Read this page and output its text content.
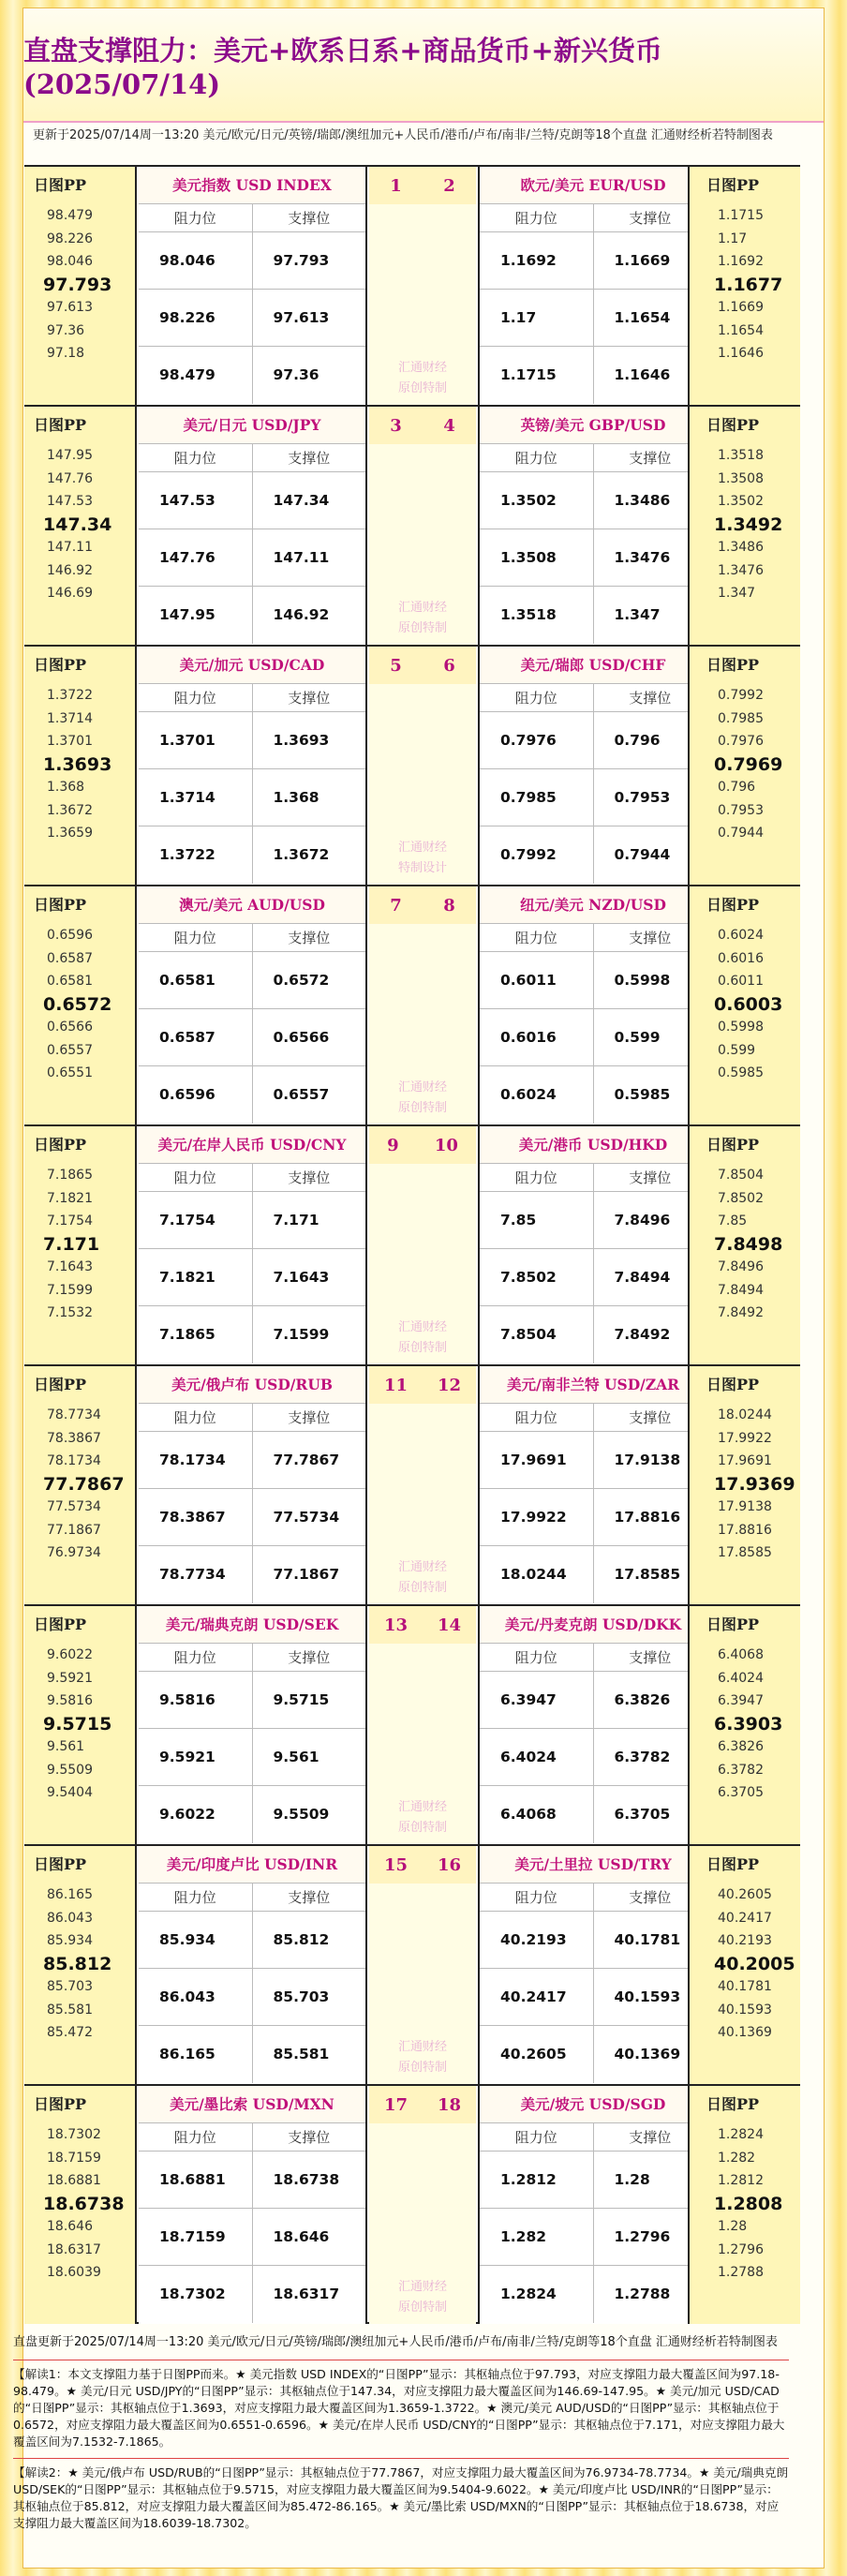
直盘支撑阻力：美元+欧系日系+商品货币+新兴货币(2025/07/14)
更新于2025/07/14周一13:20 美元/欧元/日元/英镑/瑞郎/澳纽加元+人民币/港币/卢布/南非/兰特/克朗等18个直盘 汇通财经析若特制图表
日图PP
98.479
98.226
98.046
97.793
97.613
97.36
97.18
美元指数 USD INDEX
阻力位	支撑位
98.046	97.793
98.226	97.613
98.479	97.36
1 2
汇通财经
原创特制
欧元/美元 EUR/USD
阻力位	支撑位
1.1692	1.1669
1.17	1.1654
1.1715	1.1646
日图PP
1.1715
1.17
1.1692
1.1677
1.1669
1.1654
1.1646
日图PP
147.95
147.76
147.53
147.34
147.11
146.92
146.69
美元/日元 USD/JPY
阻力位	支撑位
147.53	147.34
147.76	147.11
147.95	146.92
3 4
汇通财经
原创特制
英镑/美元 GBP/USD
阻力位	支撑位
1.3502	1.3486
1.3508	1.3476
1.3518	1.347
日图PP
1.3518
1.3508
1.3502
1.3492
1.3486
1.3476
1.347
日图PP
1.3722
1.3714
1.3701
1.3693
1.368
1.3672
1.3659
美元/加元 USD/CAD
阻力位	支撑位
1.3701	1.3693
1.3714	1.368
1.3722	1.3672
5 6
汇通财经
特制设计
美元/瑞郎 USD/CHF
阻力位	支撑位
0.7976	0.796
0.7985	0.7953
0.7992	0.7944
日图PP
0.7992
0.7985
0.7976
0.7969
0.796
0.7953
0.7944
日图PP
0.6596
0.6587
0.6581
0.6572
0.6566
0.6557
0.6551
澳元/美元 AUD/USD
阻力位	支撑位
0.6581	0.6572
0.6587	0.6566
0.6596	0.6557
7 8
汇通财经
原创特制
纽元/美元 NZD/USD
阻力位	支撑位
0.6011	0.5998
0.6016	0.599
0.6024	0.5985
日图PP
0.6024
0.6016
0.6011
0.6003
0.5998
0.599
0.5985
日图PP
7.1865
7.1821
7.1754
7.171
7.1643
7.1599
7.1532
美元/在岸人民币 USD/CNY
阻力位	支撑位
7.1754	7.171
7.1821	7.1643
7.1865	7.1599
9 10
汇通财经
原创特制
美元/港币 USD/HKD
阻力位	支撑位
7.85	7.8496
7.8502	7.8494
7.8504	7.8492
日图PP
7.8504
7.8502
7.85
7.8498
7.8496
7.8494
7.8492
日图PP
78.7734
78.3867
78.1734
77.7867
77.5734
77.1867
76.9734
美元/俄卢布 USD/RUB
阻力位	支撑位
78.1734	77.7867
78.3867	77.5734
78.7734	77.1867
11 12
汇通财经
原创特制
美元/南非兰特 USD/ZAR
阻力位	支撑位
17.9691	17.9138
17.9922	17.8816
18.0244	17.8585
日图PP
18.0244
17.9922
17.9691
17.9369
17.9138
17.8816
17.8585
日图PP
9.6022
9.5921
9.5816
9.5715
9.561
9.5509
9.5404
美元/瑞典克朗 USD/SEK
阻力位	支撑位
9.5816	9.5715
9.5921	9.561
9.6022	9.5509
13 14
汇通财经
原创特制
美元/丹麦克朗 USD/DKK
阻力位	支撑位
6.3947	6.3826
6.4024	6.3782
6.4068	6.3705
日图PP
6.4068
6.4024
6.3947
6.3903
6.3826
6.3782
6.3705
日图PP
86.165
86.043
85.934
85.812
85.703
85.581
85.472
美元/印度卢比 USD/INR
阻力位	支撑位
85.934	85.812
86.043	85.703
86.165	85.581
15 16
汇通财经
原创特制
美元/土里拉 USD/TRY
阻力位	支撑位
40.2193	40.1781
40.2417	40.1593
40.2605	40.1369
日图PP
40.2605
40.2417
40.2193
40.2005
40.1781
40.1593
40.1369
日图PP
18.7302
18.7159
18.6881
18.6738
18.646
18.6317
18.6039
美元/墨比索 USD/MXN
阻力位	支撑位
18.6881	18.6738
18.7159	18.646
18.7302	18.6317
17 18
汇通财经
原创特制
美元/坡元 USD/SGD
阻力位	支撑位
1.2812	1.28
1.282	1.2796
1.2824	1.2788
日图PP
1.2824
1.282
1.2812
1.2808
1.28
1.2796
1.2788
直盘更新于2025/07/14周一13:20 美元/欧元/日元/英镑/瑞郎/澳纽加元+人民币/港币/卢布/南非/兰特/克朗等18个直盘 汇通财经析若特制图表

【解读1：本文支撑阻力基于日图PP而来。★ 美元指数 USD INDEX的“日图PP”显示：其枢轴点位于97.793，对应支撑阻力最大覆盖区间为97.18-98.479。★ 美元/日元 USD/JPY的“日图PP”显示：其枢轴点位于147.34，对应支撑阻力最大覆盖区间为146.69-147.95。★ 美元/加元 USD/CAD的“日图PP”显示：其枢轴点位于1.3693，对应支撑阻力最大覆盖区间为1.3659-1.3722。★ 澳元/美元 AUD/USD的“日图PP”显示：其枢轴点位于0.6572，对应支撑阻力最大覆盖区间为0.6551-0.6596。★ 美元/在岸人民币 USD/CNY的“日图PP”显示：其枢轴点位于7.171，对应支撑阻力最大覆盖区间为7.1532-7.1865。

【解读2：★ 美元/俄卢布 USD/RUB的“日图PP”显示：其枢轴点位于77.7867，对应支撑阻力最大覆盖区间为76.9734-78.7734。★ 美元/瑞典克朗 USD/SEK的“日图PP”显示：其枢轴点位于9.5715，对应支撑阻力最大覆盖区间为9.5404-9.6022。★ 美元/印度卢比 USD/INR的“日图PP”显示：其枢轴点位于85.812，对应支撑阻力最大覆盖区间为85.472-86.165。★ 美元/墨比索 USD/MXN的“日图PP”显示：其枢轴点位于18.6738，对应支撑阻力最大覆盖区间为18.6039-18.7302。
